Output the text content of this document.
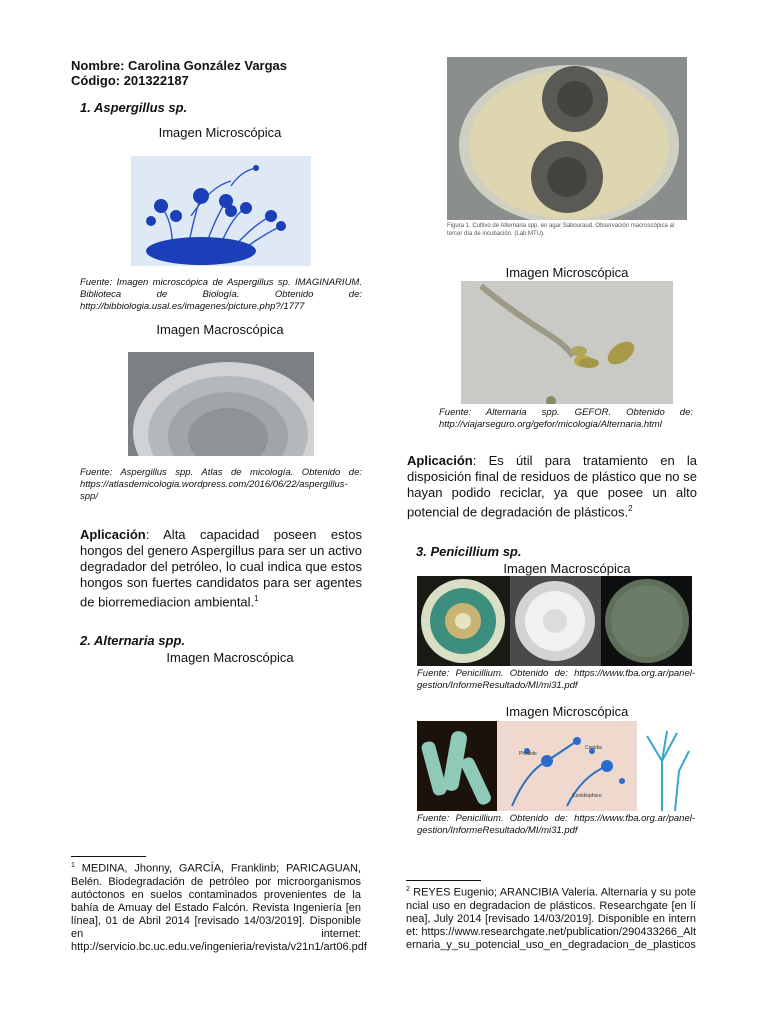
Nombre: Carolina González Vargas
Código: 201322187
1. Aspergillus sp.
Imagen Microscópica
Fuente: Imagen microscópica de Aspergillus sp. IMAGINARIUM. Biblioteca de Biología. Obtenido de: http://bibbiologia.usal.es/imagenes/picture.php?/1777
Imagen Macroscópica
Fuente: Aspergillus spp. Atlas de micología. Obtenido de: https://atlasdemicologia.wordpress.com/2016/06/22/aspergillus-spp/
Aplicación: Alta capacidad poseen estos hongos del genero Aspergillus para ser un activo degradador del petróleo, lo cual indica que estos hongos son fuertes candidatos para ser agentes de biorremediacion ambiental.$^1$
2. Alternaria spp.
Imagen Macroscópica
$^1$ MEDINA, Jhonny, GARCÍA, Franklinb; PARICAGUAN, Belén. Biodegradación de petróleo por microorganismos autóctonos en suelos contaminados provenientes de la bahía de Amuay del Estado Falcón. Revista Ingeniería [en línea], 01 de Abril 2014 [revisado 14/03/2019]. Disponible en internet: http://servicio.bc.uc.edu.ve/ingenieria/revista/v21n1/art06.pdf
Figura 1. Cultivo de Alternaria spp. en agar Sabouraud. Observación macroscópica al tercer día de incubación. (Lab MTU).
Imagen Microscópica
Fuente: Alternaria spp. GEFOR. Obtenido de: http://viajarseguro.org/gefor/micologia/Alternaria.html
Aplicación: Es útil para tratamiento en la disposición final de residuos de plástico que no se hayan podido reciclar, ya que posee un alto potencial de degradación de plásticos.$^2$
3. Penicillium sp.
Imagen Macroscópica
Fuente: Penicillium. Obtenido de: https://www.fba.org.ar/panel-gestion/InformeResultado/MI/mi31.pdf
Imagen Microscópica
Phialide
Conidia
Conidiophore
Fuente: Penicillium. Obtenido de: https://www.fba.org.ar/panel-gestion/InformeResultado/MI/mi31.pdf
$^2$ REYES Eugenio; ARANCIBIA Valeria. Alternaria y su potencial uso en degradacion de plásticos. Researchgate [en línea], July 2014 [revisado 14/03/2019]. Disponible en internet: https://www.researchgate.net/publication/290433266_Alternaria_y_su_potencial_uso_en_degradacion_de_plasticos
